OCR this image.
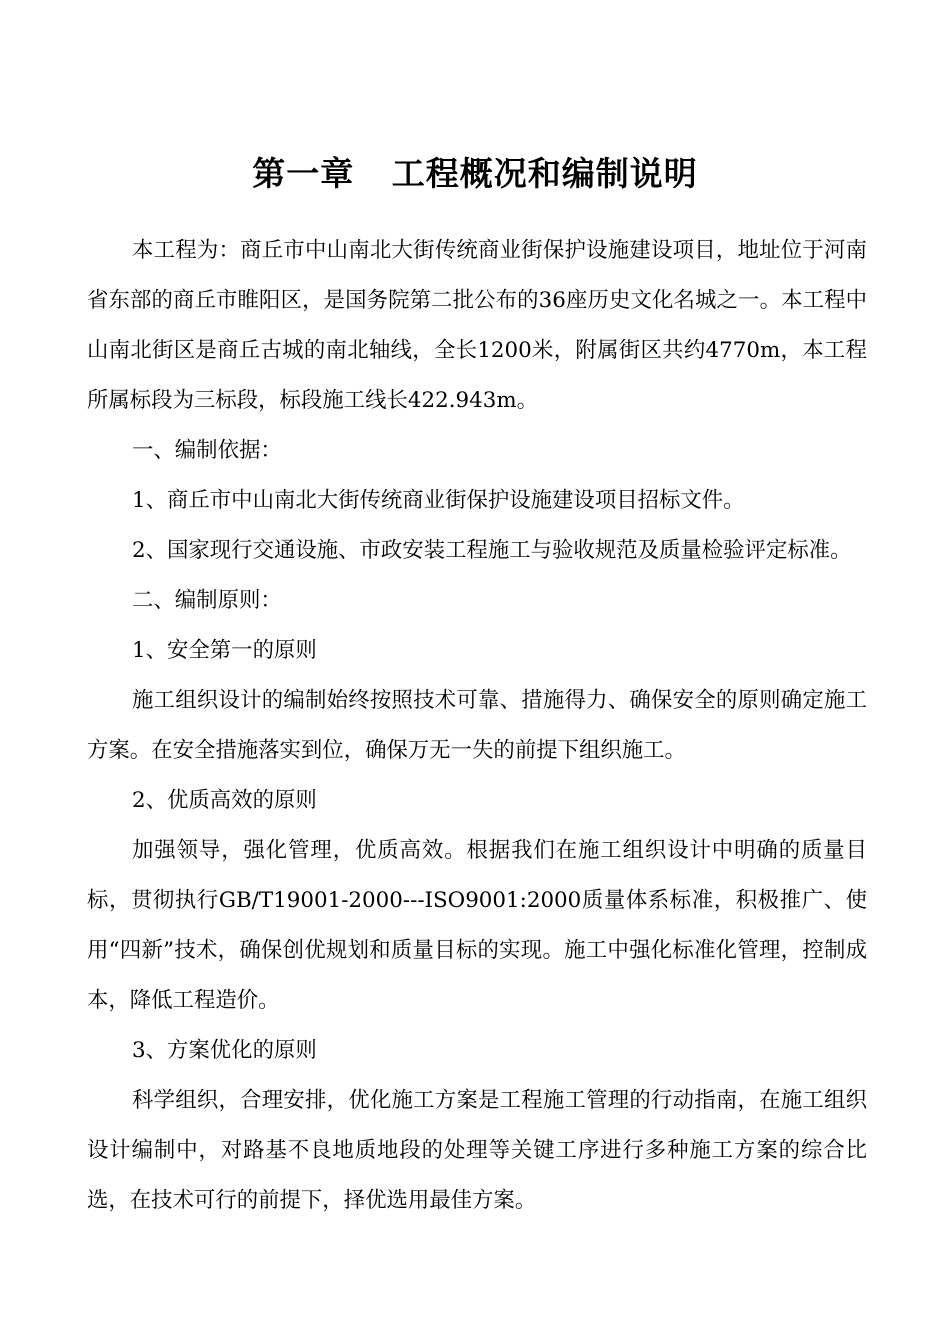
第一章   工程概况和编制说明

本工程为：商丘市中山南北大街传统商业街保护设施建设项目，地址位于河南省东部的商丘市睢阳区，是国务院第二批公布的36座历史文化名城之一。本工程中山南北街区是商丘古城的南北轴线，全长1200米，附属街区共约4770m，本工程所属标段为三标段，标段施工线长422.943m。

一、编制依据：

1、商丘市中山南北大街传统商业街保护设施建设项目招标文件。

2、国家现行交通设施、市政安装工程施工与验收规范及质量检验评定标准。

二、编制原则：

1、安全第一的原则

施工组织设计的编制始终按照技术可靠、措施得力、确保安全的原则确定施工方案。在安全措施落实到位，确保万无一失的前提下组织施工。

2、优质高效的原则

加强领导，强化管理，优质高效。根据我们在施工组织设计中明确的质量目标，贯彻执行GB/T19001-2000---ISO9001:2000质量体系标准，积极推广、使用“四新”技术，确保创优规划和质量目标的实现。施工中强化标准化管理，控制成本，降低工程造价。

3、方案优化的原则

科学组织，合理安排，优化施工方案是工程施工管理的行动指南，在施工组织设计编制中，对路基不良地质地段的处理等关键工序进行多种施工方案的综合比选，在技术可行的前提下，择优选用最佳方案。
